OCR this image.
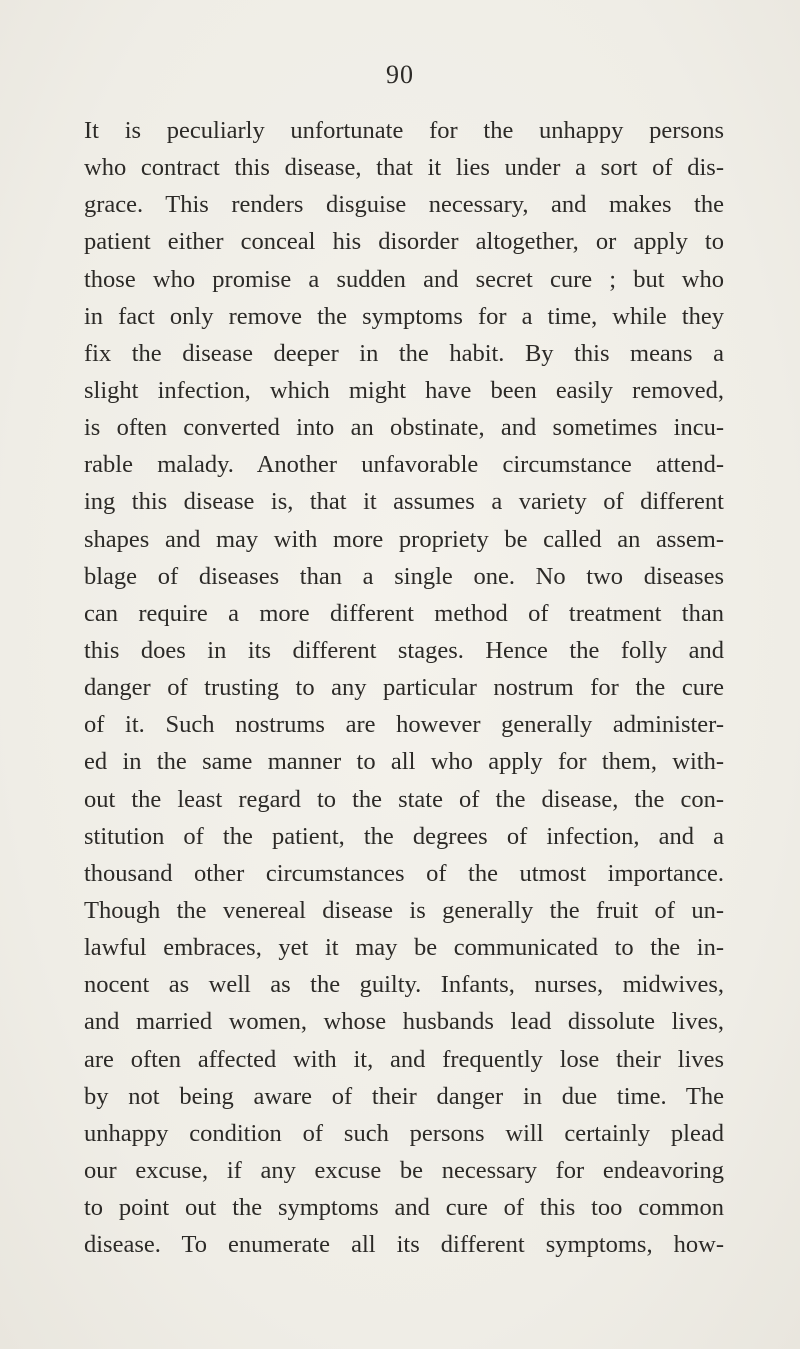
90
It is peculiarly unfortunate for the unhappy persons
who contract this disease, that it lies under a sort of dis-
grace. This renders disguise necessary, and makes the
patient either conceal his disorder altogether, or apply to
those who promise a sudden and secret cure ; but who
in fact only remove the symptoms for a time, while they
fix the disease deeper in the habit. By this means a
slight infection, which might have been easily removed,
is often converted into an obstinate, and sometimes incu-
rable malady. Another unfavorable circumstance attend-
ing this disease is, that it assumes a variety of different
shapes and may with more propriety be called an assem-
blage of diseases than a single one. No two diseases
can require a more different method of treatment than
this does in its different stages. Hence the folly and
danger of trusting to any particular nostrum for the cure
of it. Such nostrums are however generally administer-
ed in the same manner to all who apply for them, with-
out the least regard to the state of the disease, the con-
stitution of the patient, the degrees of infection, and a
thousand other circumstances of the utmost importance.
Though the venereal disease is generally the fruit of un-
lawful embraces, yet it may be communicated to the in-
nocent as well as the guilty. Infants, nurses, midwives,
and married women, whose husbands lead dissolute lives,
are often affected with it, and frequently lose their lives
by not being aware of their danger in due time. The
unhappy condition of such persons will certainly plead
our excuse, if any excuse be necessary for endeavoring
to point out the symptoms and cure of this too common
disease. To enumerate all its different symptoms, how-
